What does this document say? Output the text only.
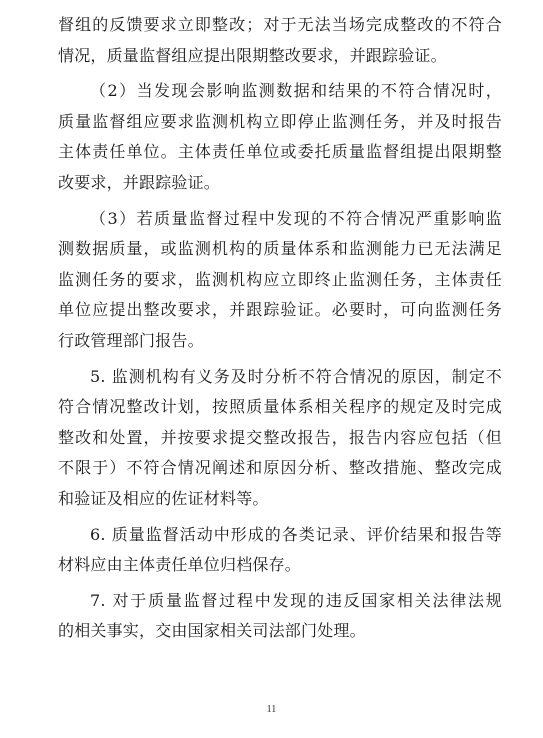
督组的反馈要求立即整改；对于无法当场完成整改的不符合
情况，质量监督组应提出限期整改要求，并跟踪验证。
（2）当发现会影响监测数据和结果的不符合情况时，
质量监督组应要求监测机构立即停止监测任务，并及时报告
主体责任单位。主体责任单位或委托质量监督组提出限期整
改要求，并跟踪验证。
（3）若质量监督过程中发现的不符合情况严重影响监
测数据质量，或监测机构的质量体系和监测能力已无法满足
监测任务的要求，监测机构应立即终止监测任务，主体责任
单位应提出整改要求，并跟踪验证。必要时，可向监测任务
行政管理部门报告。
5. 监测机构有义务及时分析不符合情况的原因，制定不
符合情况整改计划，按照质量体系相关程序的规定及时完成
整改和处置，并按要求提交整改报告，报告内容应包括（但
不限于）不符合情况阐述和原因分析、整改措施、整改完成
和验证及相应的佐证材料等。
6. 质量监督活动中形成的各类记录、评价结果和报告等
材料应由主体责任单位归档保存。
7. 对于质量监督过程中发现的违反国家相关法律法规
的相关事实，交由国家相关司法部门处理。
11
